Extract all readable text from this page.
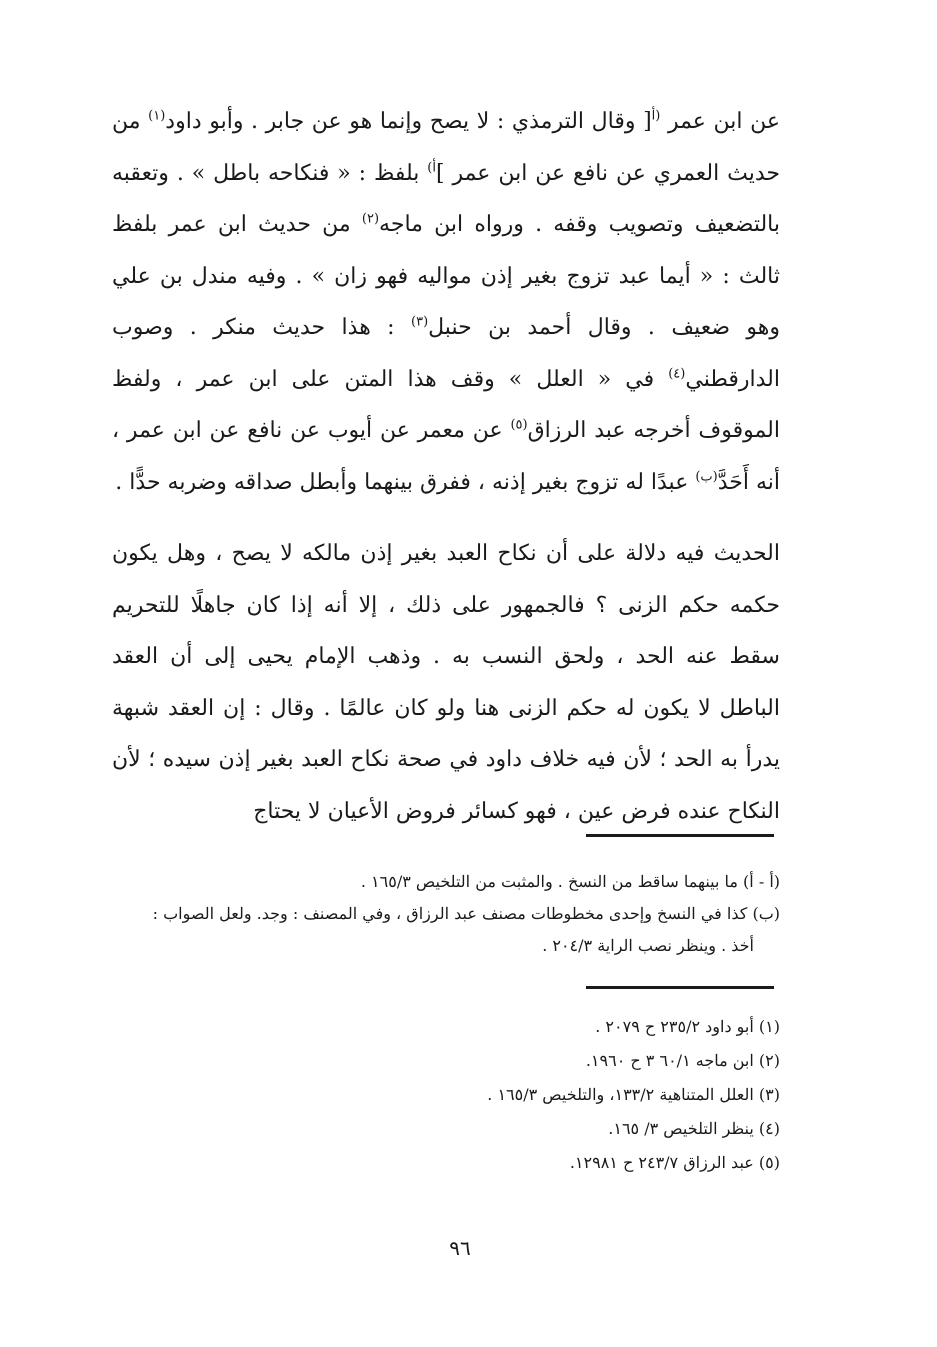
عن ابن عمر $^{(أ}$[ وقال الترمذي : لا يصح وإنما هو عن جابر . وأبو داود$^{(١)}$ من حديث العمري عن نافع عن ابن عمر ]$^{أ)}$ بلفظ : « فنكاحه باطل » . وتعقبه بالتضعيف وتصويب وقفه . ورواه ابن ماجه$^{(٢)}$ من حديث ابن عمر بلفظ ثالث : « أيما عبد تزوج بغير إذن مواليه فهو زان » . وفيه مندل بن علي وهو ضعيف . وقال أحمد بن حنبل$^{(٣)}$ : هذا حديث منكر . وصوب الدارقطني$^{(٤)}$ في « العلل » وقف هذا المتن على ابن عمر ، ولفظ الموقوف أخرجه عبد الرزاق$^{(٥)}$ عن معمر عن أيوب عن نافع عن ابن عمر ، أنه أَحَدَّ$^{(ب)}$ عبدًا له تزوج بغير إذنه ، ففرق بينهما وأبطل صداقه وضربه حدًّا .

الحديث فيه دلالة على أن نكاح العبد بغير إذن مالكه لا يصح ، وهل يكون حكمه حكم الزنى ؟ فالجمهور على ذلك ، إلا أنه إذا كان جاهلًا للتحريم سقط عنه الحد ، ولحق النسب به . وذهب الإمام يحيى إلى أن العقد الباطل لا يكون له حكم الزنى هنا ولو كان عالمًا . وقال : إن العقد شبهة يدرأ به الحد ؛ لأن فيه خلاف داود في صحة نكاح العبد بغير إذن سيده ؛ لأن النكاح عنده فرض عين ، فهو كسائر فروض الأعيان لا يحتاج

(أ - أ) ما بينهما ساقط من النسخ . والمثبت من التلخيص ١٦٥/٣ .

(ب) كذا في النسخ وإحدى مخطوطات مصنف عبد الرزاق ، وفي المصنف : وجد. ولعل الصواب :

أخذ . وينظر نصب الراية ٢٠٤/٣ .

(١) أبو داود ٢٣٥/٢ ح ٢٠٧٩ .

(٢) ابن ماجه ٦٠/١ ٣ ح ١٩٦٠.

(٣) العلل المتناهية ١٣٣/٢، والتلخيص ١٦٥/٣ .

(٤) ينظر التلخيص ٣/ ١٦٥.

(٥) عبد الرزاق ٢٤٣/٧ ح ١٢٩٨١.

٩٦
